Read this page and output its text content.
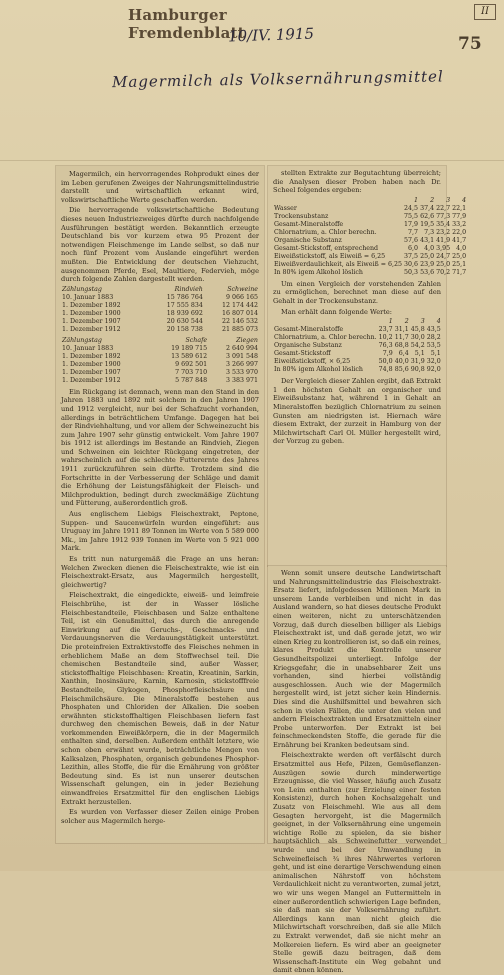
Hamburger Fremdenblatt
II
75
10/IV. 1915
Magermilch als Volksernährungsmittel

Magermilch, ein hervorragendes Rohprodukt eines der im Leben gerufenen Zweiges der Nahrungsmittelindustrie darstellt und wirtschaftlich erkannt wird, volkswirtschaftliche Werte geschaffen werden.

Die hervorragende volkswirtschaftliche Bedeutung dieses neuen Industriezweiges dürfte durch nachfolgende Ausführungen bestätigt werden. Bekanntlich erzeugte Deutschland bis vor kurzem etwa 95 Prozent der notwendigen Fleischmenge im Lande selbst, so daß nur noch fünf Prozent vom Auslande eingeführt werden mußten. Die Entwicklung der deutschen Viehzucht, ausgenommen Pferde, Esel, Maultiere, Federvieh, möge durch folgende Zahlen dargestellt werden.

Zählungstag	Rindvieh	Schweine
10. Januar 1883	15 786 764	9 066 165
1. Dezember 1892	17 555 834	12 174 442
1. Dezember 1900	18 939 692	16 807 014
1. Dezember 1907	20 630 544	22 146 532
1. Dezember 1912	20 158 738	21 885 073
Zählungstag	Schafe	Ziegen
10. Januar 1883	19 189 715	2 640 994
1. Dezember 1892	13 589 612	3 091 548
1. Dezember 1900	9 692 501	3 266 997
1. Dezember 1907	7 703 710	3 533 970
1. Dezember 1912	5 787 848	3 383 971

Ein Rückgang ist demnach, wenn man den Stand in den Jahren 1883 und 1892 mit solchem in den Jahren 1907 und 1912 vergleicht, nur bei der Schafzucht vorhanden, allerdings in beträchtlichem Umfange. Dagegen hat bei der Rindviehhaltung, und vor allem der Schweinezucht bis zum Jahre 1907 sehr günstig entwickelt. Vom Jahre 1907 bis 1912 ist allerdings im Bestande an Rindvieh, Ziegen und Schweinen ein leichter Rückgang eingetreten, der wahrscheinlich auf die schlechte Futterernte des Jahres 1911 zurückzuführen sein dürfte. Trotzdem sind die Fortschritte in der Verbesserung der Schläge und damit die Erhöhung der Leistungsfähigkeit der Fleisch- und Milchproduktion, bedingt durch zweckmäßige Züchtung und Fütterung, außerordentlich groß.

Aus englischem Liebigs Fleischextrakt, Peptone, Suppen- und Saucenwürfeln wurden eingeführt: aus Uruguay im Jahre 1911 89 Tonnen im Werte von 5 589 000 Mk., im Jahre 1912 939 Tonnen im Werte von 5 921 000 Mark.

Es tritt nun naturgemäß die Frage an uns heran: Welchen Zwecken dienen die Fleischextrakte, wie ist ein Fleischextrakt-Ersatz, aus Magermilch hergestellt, gleichwertig?

Fleischextrakt, die eingedickte, eiweiß- und leimfreie Fleischbrühe, ist der in Wasser lösliche Fleischbestandteile, Fleischbasen und Salze enthaltene Teil, ist ein Genußmittel, das durch die anregende Einwirkung auf die Geruchs-, Geschmacks- und Verdauungsnerven die Verdauungstätigkeit unterstützt. Die proteinfreien Extraktivstoffe des Fleisches nehmen in erheblichem Maße an dem Stoffwechsel teil. Die chemischen Bestandteile sind, außer Wasser, stickstoffhaltige Fleischbasen: Kreatin, Kreatinin, Sarkin, Xanthin, Inosinsäure, Karnin, Karnosin, stickstofffreie Bestandteile, Glykogen, Phosphorfleischsäure und Fleischmilchsäure. Die Mineralstoffe bestehen aus Phosphaten und Chloriden der Alkalien. Die soeben erwähnten stickstoffhaltigen Fleischbasen liefern fast durchweg den chemischen Beweis, daß in der Natur vorkommenden Eiweißkörpern, die in der Magermilch enthalten sind, derselben. Außerdem enthält letztere, wie schon oben erwähnt wurde, beträchtliche Mengen von Kalksalzen, Phosphaten, organisch gebundenes Phosphor-Lezithin, alles Stoffe, die für die Ernährung von größter Bedeutung sind. Es ist nun unserer deutschen Wissenschaft gelungen, ein in jeder Beziehung einwandfreies Ersatzmittel für den englischen Liebigs Extrakt herzustellen.

Es wurden von Verfasser dieser Zeilen einige Proben solcher aus Magermilch herge-

stellten Extrakte zur Begutachtung überreicht; die Analysen dieser Proben haben nach Dr. Scheel folgendes ergeben:

	1	2	3	4
Wasser	24,5	37,4	22,7	22,1
Trockensubstanz	75,5	62,6	77,3	77,9
Gesamt-Mineralstoffe	17,9	19,5	35,4	33,2
Chlornatrium, a. Chlor berechn.	7,7	7,3	23,2	22,0
Organische Substanz	57,6	43,1	41,9	41,7
Gesamt-Stickstoff, entsprechend	6,0	4,0	3,95	4,0
Eiweißstickstoff, als Eiweiß = 6,25	37,5	25,0	24,7	25,0
Eiweißverdaulichkeit, als Eiweiß = 6,25	30,6	23,9	25,0	25,1
In 80% igem Alkohol löslich	50,3	53,6	70,2	71,7

Um einen Vergleich der vorstehenden Zahlen zu ermöglichen, berechnet man diese auf den Gehalt in der Trockensubstanz.

Man erhält dann folgende Werte:

	1	2	3	4
Gesamt-Mineralstoffe	23,7	31,1	45,8	43,5
Chlornatrium, a. Chlor berechn.	10,2	11,7	30,0	28,2
Organische Substanz	76,3	68,8	54,2	53,5
Gesamt-Stickstoff	7,9	6,4	5,1	5,1
Eiweißstickstoff, × 6,25	50,0	40,0	31,9	32,0
In 80% igem Alkohol löslich	74,8	85,6	90,8	92,0

Der Vergleich dieser Zahlen ergibt, daß Extrakt 1 den höchsten Gehalt an organischer und Eiweißsubstanz hat, während 1 in Gehalt an Mineralstoffen bezüglich Chlornatrium zu seinen Gunsten am niedrigsten ist. Hiernach wäre diesem Extrakt, der zurzeit in Hamburg von der Milchwirtschaft Carl Ol. Müller hergestellt wird, der Vorzug zu geben.

Wenn somit unsere deutsche Landwirtschaft und Nahrungsmittelindustrie das Fleischextrakt-Ersatz liefert, infolgedessen Millionen Mark in unserem Lande verbleiben und nicht in das Ausland wandern, so hat dieses deutsche Produkt einen weiteren, nicht zu unterschätzenden Vorzug, daß durch dieselben billiger als Liebigs Fleischextrakt ist, und daß gerade jetzt, wo wir einen Krieg zu kontrollieren ist, so daß ein reines, klares Produkt die Kontrolle unserer Gesundheitspolizei unterliegt. Infolge der Kriegsgefahr, die in unabsehbarer Zeit uns vorhanden, sind hierbei vollständig ausgeschlossen. Auch wie der Magermilch hergestellt wird, ist jetzt sicher kein Hindernis. Dies sind die Aushilfsmittel und bewahren sich schon in vielen Fällen, die unter den vielen und andern Fleischextrakten und Ersatzmitteln einer Probe unterworfen. Der Extrakt ist bei feinschmeckendsten Stoffe, die gerade für die Ernährung bei Kranken bedeutsam sind.

Fleischextrakte werden oft verfälscht durch Ersatzmittel aus Hefe, Pilzen, Gemüseflanzen-Auszügen sowie durch minderwertige Erzeugnisse, die viel Wasser, häufig auch Zusatz von Leim enthalten (zur Erzielung einer festen Konsistenz), durch hohen Kochsalzgehalt und Zusatz von Fleischmehl. Wie aus all dem Gesagten hervorgeht, ist die Magermilch geeignet, in der Volksernährung eine ungemein wichtige Rolle zu spielen, da sie bisher hauptsächlich als Schweinefutter verwendet wurde und bei der Umwandlung in Schweinefleisch ¾ ihres Nährwertes verloren geht, und ist eine derartige Verschwendung einen animalischen Nährstoff von höchstem Verdaulichkeit nicht zu verantworten, zumal jetzt, wo wir uns wegen Mangel an Futtermitteln in einer außerordentlich schwierigen Lage befinden, sie daß man sie der Volksernährung zuführt. Allerdings kann man nicht gleich die Milchwirtschaft vorschreiben, daß sie alle Milch zu Extrakt verwendet, daß sie nicht mehr an Molkereien liefern. Es wird aber an geeigneter Stelle gewiß dazu beitragen, daß dem Wissenschaft-Institute ein Weg gebahnt und damit ebnen können.
